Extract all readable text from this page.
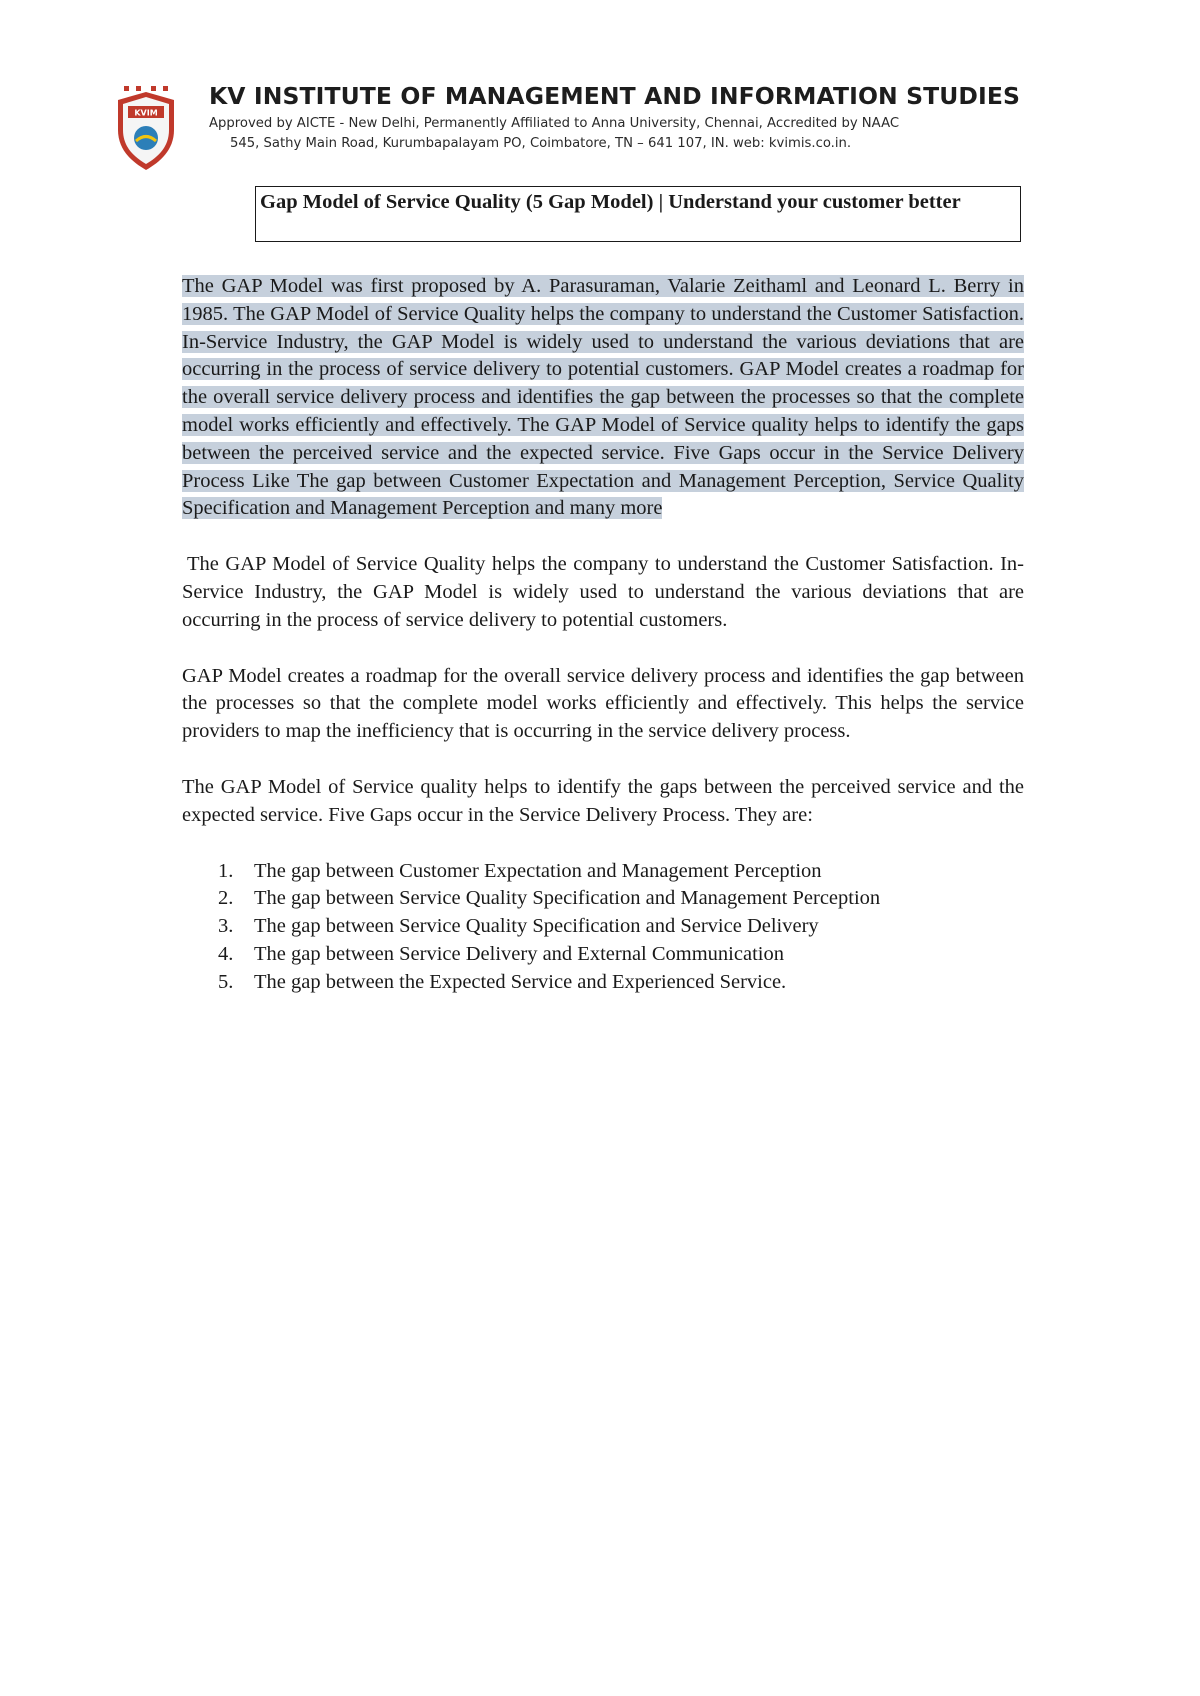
KVIM
KV INSTITUTE OF MANAGEMENT AND INFORMATION STUDIES
Approved by AICTE - New Delhi, Permanently Affiliated to Anna University, Chennai, Accredited by NAAC
545, Sathy Main Road, Kurumbapalayam PO, Coimbatore, TN – 641 107, IN. web: kvimis.co.in.
Gap Model of Service Quality (5 Gap Model) | Understand your customer better

The GAP Model was first proposed by A. Parasuraman, Valarie Zeithaml and Leonard L. Berry in 1985. The GAP Model of Service Quality helps the company to understand the Customer Satisfaction. In-Service Industry, the GAP Model is widely used to understand the various deviations that are occurring in the process of service delivery to potential customers. GAP Model creates a roadmap for the overall service delivery process and identifies the gap between the processes so that the complete model works efficiently and effectively. The GAP Model of Service quality helps to identify the gaps between the perceived service and the expected service. Five Gaps occur in the Service Delivery Process Like The gap between Customer Expectation and Management Perception, Service Quality Specification and Management Perception and many more

The GAP Model of Service Quality helps the company to understand the Customer Satisfaction. In-Service Industry, the GAP Model is widely used to understand the various deviations that are occurring in the process of service delivery to potential customers.

GAP Model creates a roadmap for the overall service delivery process and identifies the gap between the processes so that the complete model works efficiently and effectively. This helps the service providers to map the inefficiency that is occurring in the service delivery process.

The GAP Model of Service quality helps to identify the gaps between the perceived service and the expected service. Five Gaps occur in the Service Delivery Process. They are:

1. The gap between Customer Expectation and Management Perception
2. The gap between Service Quality Specification and Management Perception
3. The gap between Service Quality Specification and Service Delivery
4. The gap between Service Delivery and External Communication
5. The gap between the Expected Service and Experienced Service.
